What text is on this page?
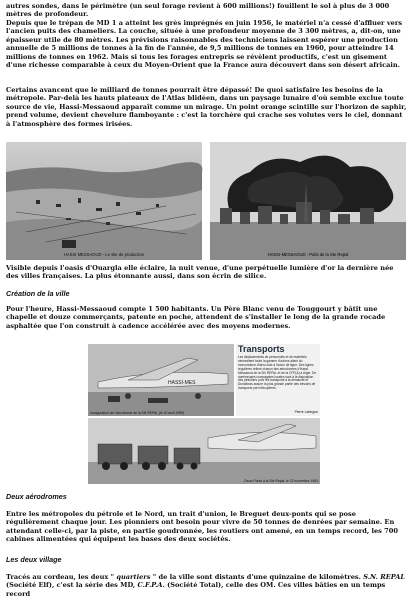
autres sondes, dans le périmètre (un seul forage revient à 600 millions!) fouillent le sol à plus de 3 000 mètres de profondeur.

Depuis que le trépan de MD 1 a atteint les grès imprégnés en juin 1956, le matériel n'a cessé d'affluer vers l'ancien puits des chameliers. La couche, située à une profondeur moyenne de 3 300 mètres, a, dit-on, une épaisseur utile de 80 mètres. Les prévisions raisonnables des techniciens laissent espérer une production annuelle de 5 millions de tonnes à la fin de l'année, de 9,5 millions de tonnes en 1960, pour atteindre 14 millions de tonnes en 1962. Mais si tous les forages entrepris se révèlent productifs, c'est un gisement d'une richesse comparable à ceux du Moyen-Orient que la France aura découvert dans son désert africain.

Certains avancent que le milliard de tonnes pourrait être dépassé! De quoi satisfaire les besoins de la métropole. Par-delà les hauts plateaux de l'Atlas blidéen, dans un paysage lunaire d'où semble exclue toute source de vie, Hassi-Messaoud apparaît comme un mirage. Un point orange scintille sur l'horizon de saphir, prend volume, devient chevelure flamboyante : c'est la torchère qui crache ses volutes vers le ciel, donnant à l'atmosphère des formes irisées.

HASSI MESSAOUD - Le site de production	HASSI-MESSAOUD - Puits de la Ste Repal

Visible depuis l'oasis d'Ouargla elle éclaire, la nuit venue, d'une perpétuelle lumière d'or la dernière née des villes françaises. La plus étonnante aussi, dans son écrin de silice.

Création de la ville

Pour l'heure, Hassi-Messaoud compte 1 500 habitants. Un Père Blanc venu de Touggourt y bâtit une chapelle et douze commerçants, patente en poche, attendent de s'installer le long de la grande rocade asphaltée que l'on construit à cadence accélérée avec des moyens modernes.

HASSI-MES
Inauguration de l'aérodrome de la SN REPAL (le 20 avril 1959)
Transports
Les déplacements de personnels et de matériels nécessitent toute la gamme d'avions allant du monomoteur d'aéro-club à l'avion de ligne. Des lignes régulières relient chacun des aérodromes d'Hassi-Messaoud de la SN REPAL et de la CFP(A) à Alger. De nombreuses compagnies locales sont à la disposition des pétroliers pour les transports à la demande et Dunaforas assure la plus grande partie des besoins de transports par hélicoptères.
Deux-Ponts à la Ste Repal, le 22 novembre 1963
Pierre Lafargue
Deux aérodromes

Entre les métropoles du pétrole et le Nord, un trait d'union, le Breguet deux-ponts qui se pose régulièrement chaque jour. Les pionniers ont besoin pour vivre de 50 tonnes de denrées par semaine. En attendant celle-ci, par la piste, en partie goudronnée, les routiers ont amené, en un temps record, les 700 cabines alimentées qui équipent les bases des deux sociétés.

Les deux village

Tracés au cordeau, les deux " quartiers " de la ville sont distants d'une quinzaine de kilomètres. S.N. REPAL (Société Elf), c'est la série des MD, C.F.P.A. (Société Total), celle des OM. Ces villes bâties en un temps record
